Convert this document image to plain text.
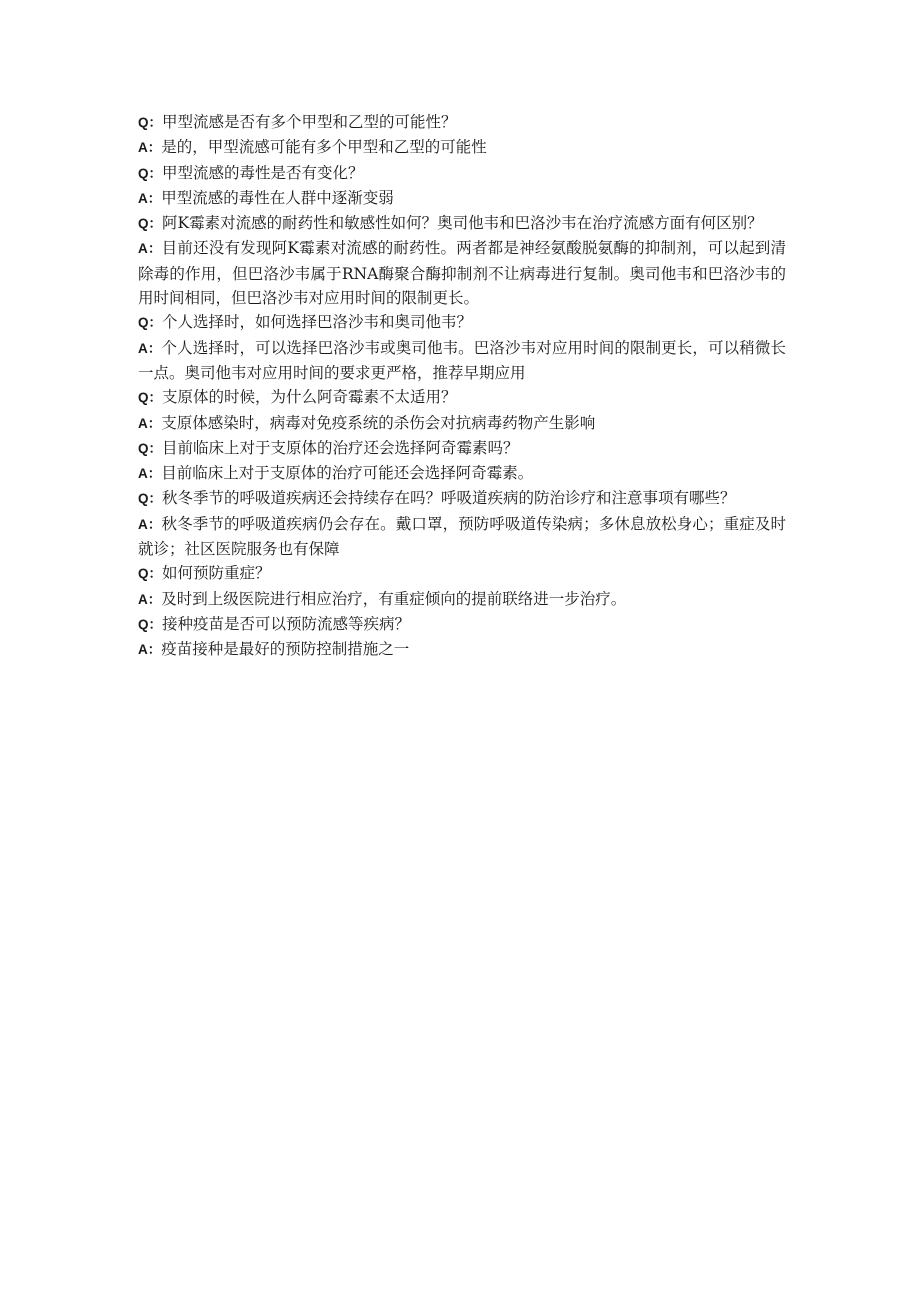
Q：甲型流感是否有多个甲型和乙型的可能性？
A：是的，甲型流感可能有多个甲型和乙型的可能性
Q：甲型流感的毒性是否有变化？
A：甲型流感的毒性在人群中逐渐变弱
Q：阿K霉素对流感的耐药性和敏感性如何？奥司他韦和巴洛沙韦在治疗流感方面有何区别？
A：目前还没有发现阿K霉素对流感的耐药性。两者都是神经氨酸脱氨酶的抑制剂，可以起到清除毒的作用，但巴洛沙韦属于RNA酶聚合酶抑制剂不让病毒进行复制。奥司他韦和巴洛沙韦的用时间相同，但巴洛沙韦对应用时间的限制更长。
Q：个人选择时，如何选择巴洛沙韦和奥司他韦？
A：个人选择时，可以选择巴洛沙韦或奥司他韦。巴洛沙韦对应用时间的限制更长，可以稍微长一点。奥司他韦对应用时间的要求更严格，推荐早期应用
Q：支原体的时候，为什么阿奇霉素不太适用？
A：支原体感染时，病毒对免疫系统的杀伤会对抗病毒药物产生影响
Q：目前临床上对于支原体的治疗还会选择阿奇霉素吗？
A：目前临床上对于支原体的治疗可能还会选择阿奇霉素。
Q：秋冬季节的呼吸道疾病还会持续存在吗？呼吸道疾病的防治诊疗和注意事项有哪些？
A：秋冬季节的呼吸道疾病仍会存在。戴口罩，预防呼吸道传染病；多休息放松身心；重症及时就诊；社区医院服务也有保障
Q：如何预防重症？
A：及时到上级医院进行相应治疗，有重症倾向的提前联络进一步治疗。
Q：接种疫苗是否可以预防流感等疾病？
A：疫苗接种是最好的预防控制措施之一
